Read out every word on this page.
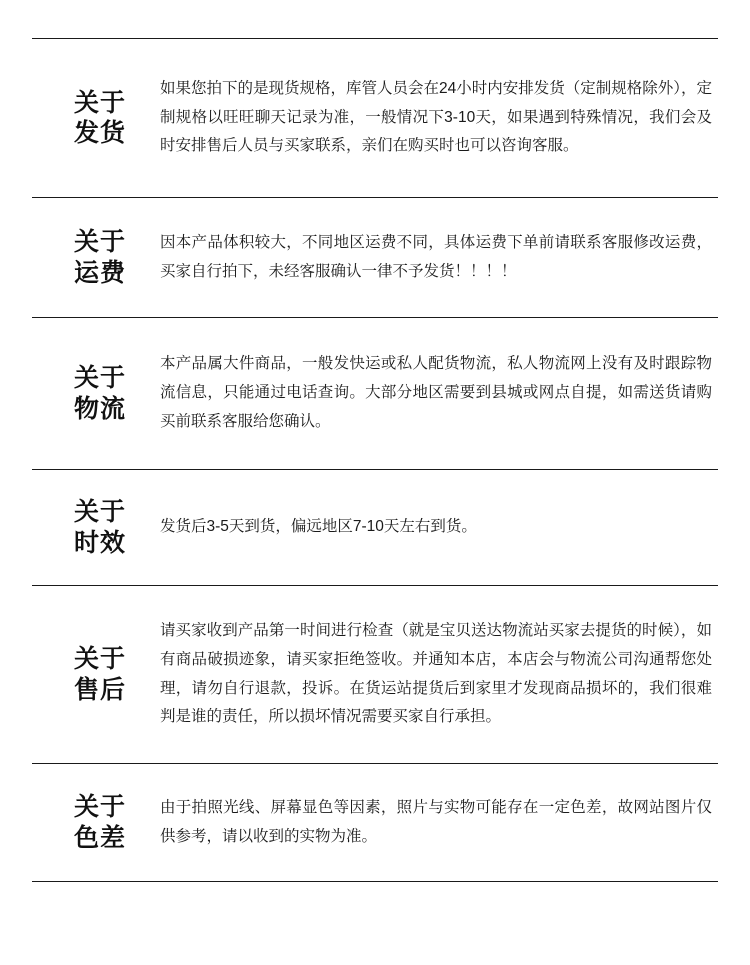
关于
发货
如果您拍下的是现货规格，库管人员会在24小时内安排发货（定制规格除外），定制规格以旺旺聊天记录为准，一般情况下3-10天，如果遇到特殊情况，我们会及时安排售后人员与买家联系，亲们在购买时也可以咨询客服。
关于
运费
因本产品体积较大，不同地区运费不同，具体运费下单前请联系客服修改运费，买家自行拍下，未经客服确认一律不予发货！！！！
关于
物流
本产品属大件商品，一般发快运或私人配货物流，私人物流网上没有及时跟踪物流信息，只能通过电话查询。大部分地区需要到县城或网点自提，如需送货请购买前联系客服给您确认。
关于
时效
发货后3-5天到货，偏远地区7-10天左右到货。
关于
售后
请买家收到产品第一时间进行检查（就是宝贝送达物流站买家去提货的时候），如有商品破损迹象，请买家拒绝签收。并通知本店，本店会与物流公司沟通帮您处理，请勿自行退款，投诉。在货运站提货后到家里才发现商品损坏的，我们很难判是谁的责任，所以损坏情况需要买家自行承担。
关于
色差
由于拍照光线、屏幕显色等因素，照片与实物可能存在一定色差，故网站图片仅供参考，请以收到的实物为准。
